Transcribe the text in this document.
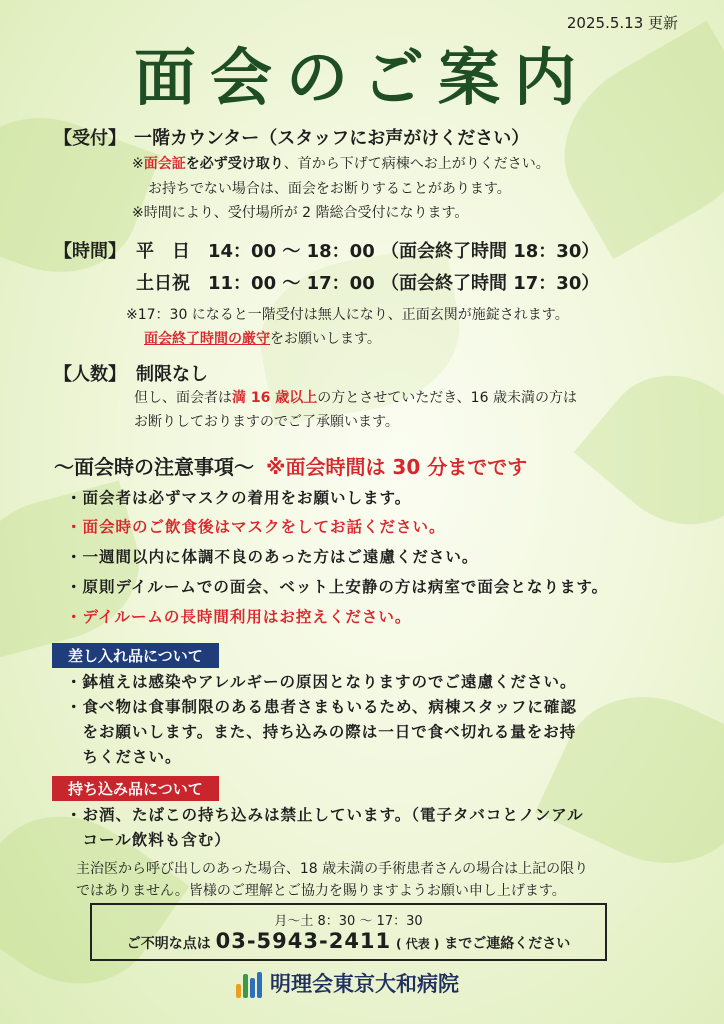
2025.5.13 更新
面会のご案内
【受付】 一階カウンター（スタッフにお声がけください）
※面会証を必ず受け取り、首から下げて病棟へお上がりください。
お持ちでない場合は、面会をお断りすることがあります。
※時間により、受付場所が 2 階総合受付になります。
【時間】 平　日　14：00 ～ 18：00 （面会終了時間 18：30）
土日祝　11：00 ～ 17：00 （面会終了時間 17：30）
※17：30 になると一階受付は無人になり、正面玄関が施錠されます。
面会終了時間の厳守をお願いします。
【人数】 制限なし
但し、面会者は満 16 歳以上の方とさせていただき、16 歳未満の方は
お断りしておりますのでご了承願います。
～面会時の注意事項～ ※面会時間は 30 分までです
・面会者は必ずマスクの着用をお願いします。
・面会時のご飲食後はマスクをしてお話ください。
・一週間以内に体調不良のあった方はご遠慮ください。
・原則デイルームでの面会、ベット上安静の方は病室で面会となります。
・デイルームの長時間利用はお控えください。
差し入れ品について
・鉢植えは感染やアレルギーの原因となりますのでご遠慮ください。
・食べ物は食事制限のある患者さまもいるため、病棟スタッフに確認
　をお願いします。また、持ち込みの際は一日で食べ切れる量をお持
　ちください。
持ち込み品について
・お酒、たばこの持ち込みは禁止しています。（電子タバコとノンアル
　コール飲料も含む）
主治医から呼び出しのあった場合、18 歳未満の手術患者さんの場合は上記の限り
ではありません。皆様のご理解とご協力を賜りますようお願い申し上げます。
月～土 8：30 ～ 17：30
ご不明な点は 03-5943-2411 ( 代表 ) までご連絡ください
明理会東京大和病院
